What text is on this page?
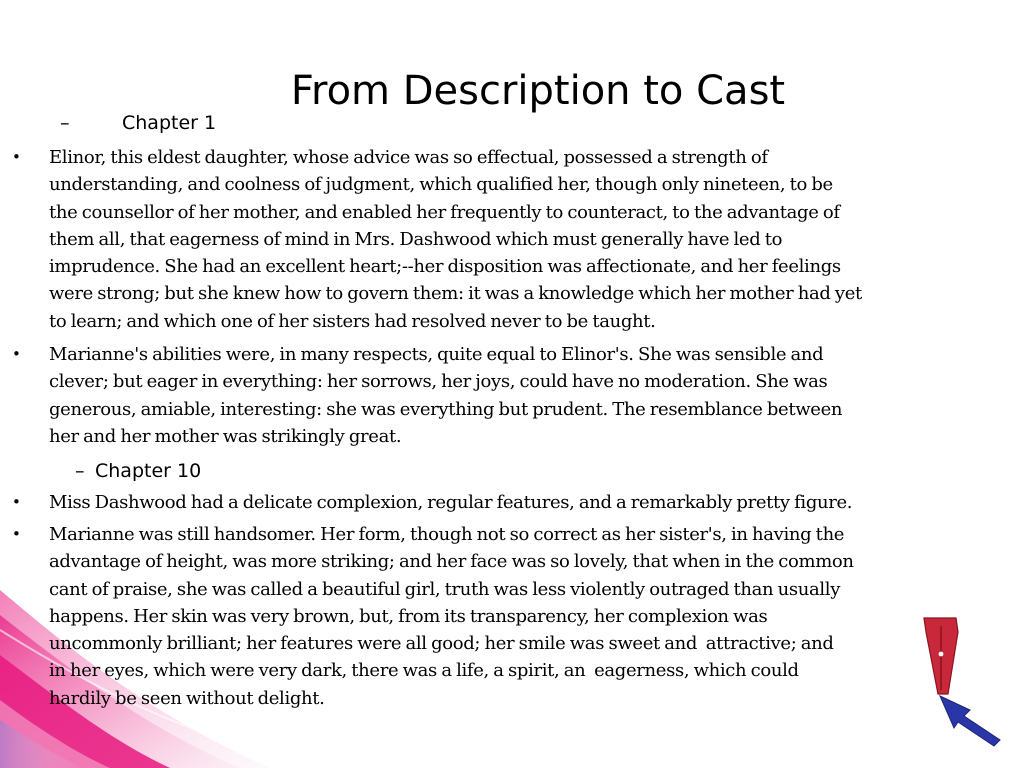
From Description to Cast
–	Chapter 1
• Elinor, this eldest daughter, whose advice was so effectual, possessed a strength of
understanding, and coolness of judgment, which qualified her, though only nineteen, to be
the counsellor of her mother, and enabled her frequently to counteract, to the advantage of
them all, that eagerness of mind in Mrs. Dashwood which must generally have led to
imprudence. She had an excellent heart;--her disposition was affectionate, and her feelings
were strong; but she knew how to govern them: it was a knowledge which her mother had yet
to learn; and which one of her sisters had resolved never to be taught.
• Marianne's abilities were, in many respects, quite equal to Elinor's. She was sensible and
clever; but eager in everything: her sorrows, her joys, could have no moderation. She was
generous, amiable, interesting: she was everything but prudent. The resemblance between
her and her mother was strikingly great.
– Chapter 10
• Miss Dashwood had a delicate complexion, regular features, and a remarkably pretty figure.
• Marianne was still handsomer. Her form, though not so correct as her sister's, in having the
advantage of height, was more striking; and her face was so lovely, that when in the common
cant of praise, she was called a beautiful girl, truth was less violently outraged than usually
happens. Her skin was very brown, but, from its transparency, her complexion was
uncommonly brilliant; her features were all good; her smile was sweet and  attractive; and
in her eyes, which were very dark, there was a life, a spirit, an  eagerness, which could
hardily be seen without delight.
